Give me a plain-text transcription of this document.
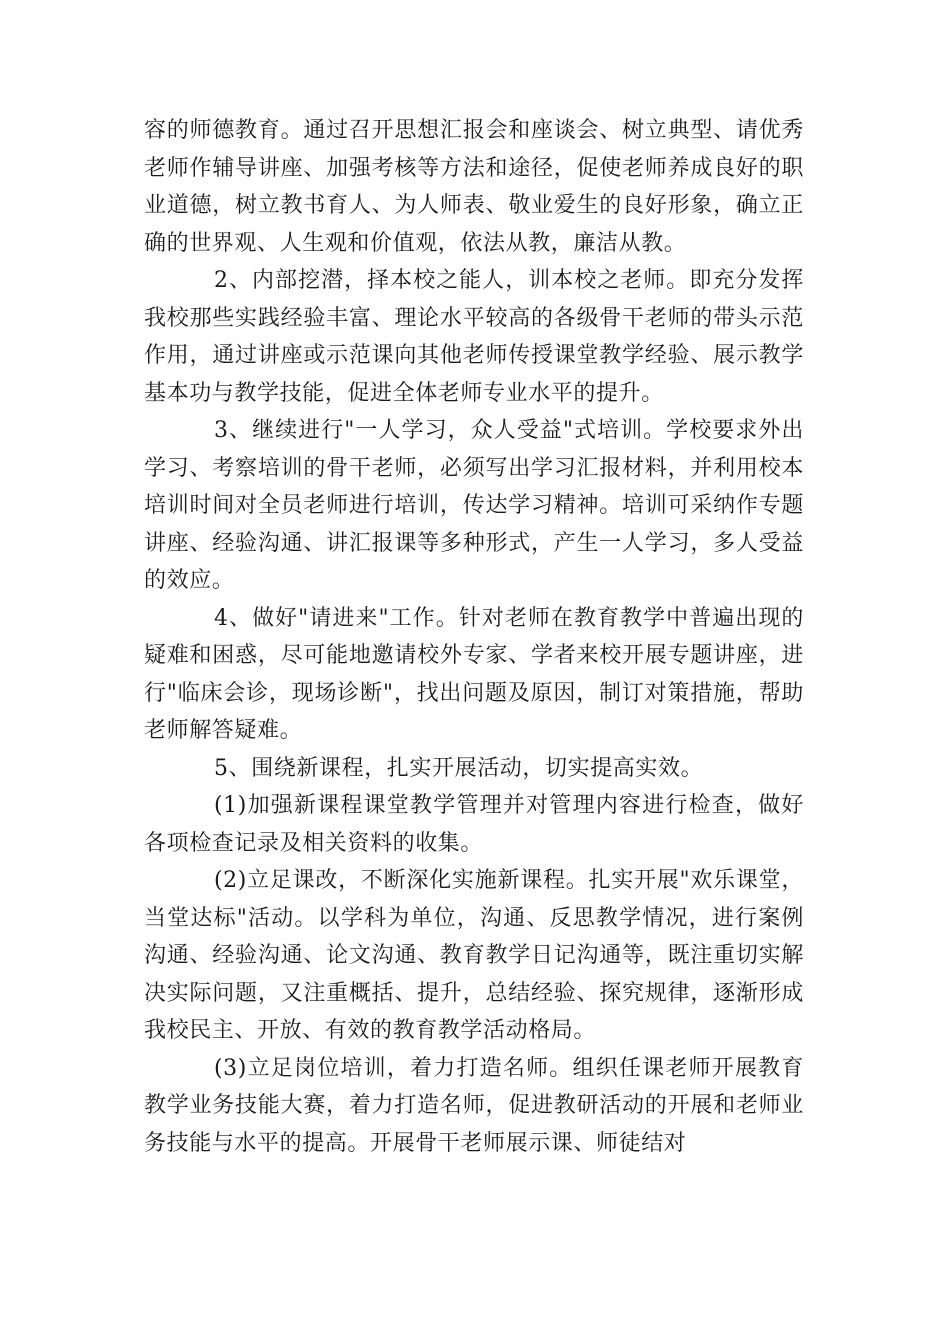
容的师德教育。通过召开思想汇报会和座谈会、树立典型、请优秀老师作辅导讲座、加强考核等方法和途径，促使老师养成良好的职业道德，树立教书育人、为人师表、敬业爱生的良好形象，确立正确的世界观、人生观和价值观，依法从教，廉洁从教。

2、内部挖潜，择本校之能人，训本校之老师。即充分发挥我校那些实践经验丰富、理论水平较高的各级骨干老师的带头示范作用，通过讲座或示范课向其他老师传授课堂教学经验、展示教学基本功与教学技能，促进全体老师专业水平的提升。

3、继续进行"一人学习，众人受益"式培训。学校要求外出学习、考察培训的骨干老师，必须写出学习汇报材料，并利用校本培训时间对全员老师进行培训，传达学习精神。培训可采纳作专题讲座、经验沟通、讲汇报课等多种形式，产生一人学习，多人受益的效应。

4、做好"请进来"工作。针对老师在教育教学中普遍出现的疑难和困惑，尽可能地邀请校外专家、学者来校开展专题讲座，进行"临床会诊，现场诊断"，找出问题及原因，制订对策措施，帮助老师解答疑难。

5、围绕新课程，扎实开展活动，切实提高实效。

(1)加强新课程课堂教学管理并对管理内容进行检查，做好各项检查记录及相关资料的收集。

(2)立足课改，不断深化实施新课程。扎实开展"欢乐课堂，当堂达标"活动。以学科为单位，沟通、反思教学情况，进行案例沟通、经验沟通、论文沟通、教育教学日记沟通等，既注重切实解决实际问题，又注重概括、提升，总结经验、探究规律，逐渐形成我校民主、开放、有效的教育教学活动格局。

(3)立足岗位培训，着力打造名师。组织任课老师开展教育教学业务技能大赛，着力打造名师，促进教研活动的开展和老师业务技能与水平的提高。开展骨干老师展示课、师徒结对
